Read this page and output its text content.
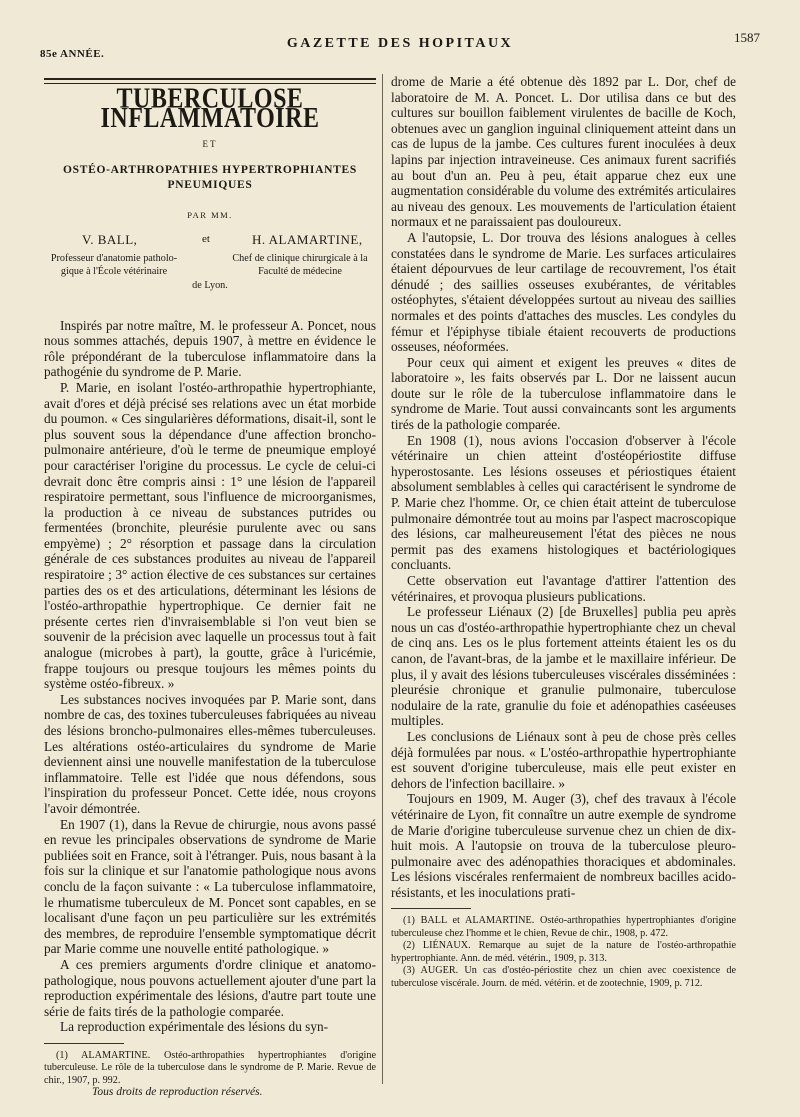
85e ANNÉE.
GAZETTE DES HOPITAUX	1587
TUBERCULOSE INFLAMMATOIRE
ET
OSTÉO-ARTHROPATHIES HYPERTROPHIANTES PNEUMIQUES
PAR MM.
V. BALL,	et	H. ALAMARTINE,
Professeur d'anatomie patholo-gique à l'École vétérinaire
Chef de clinique chirurgicale à la Faculté de médecine
de Lyon.

Inspirés par notre maître, M. le professeur A. Poncet, nous nous sommes attachés, depuis 1907, à mettre en évidence le rôle prépondérant de la tuberculose inflammatoire dans la pathogénie du syndrome de P. Marie.

P. Marie, en isolant l'ostéo-arthropathie hypertrophiante, avait d'ores et déjà précisé ses relations avec un état morbide du poumon. « Ces singularières déformations, disait-il, sont le plus souvent sous la dépendance d'une affection broncho-pulmonaire antérieure, d'où le terme de pneumique employé pour caractériser l'origine du processus. Le cycle de celui-ci devrait donc être compris ainsi : 1° une lésion de l'appareil respiratoire permettant, sous l'influence de microorganismes, la production à ce niveau de substances putrides ou fermentées (bronchite, pleurésie purulente avec ou sans empyème) ; 2° résorption et passage dans la circulation générale de ces substances produites au niveau de l'appareil respiratoire ; 3° action élective de ces substances sur certaines parties des os et des articulations, déterminant les lésions de l'ostéo-arthropathie hypertrophique. Ce dernier fait ne présente certes rien d'invraisemblable si l'on veut bien se souvenir de la précision avec laquelle un processus tout à fait analogue (microbes à part), la goutte, grâce à l'uricémie, frappe toujours ou presque toujours les mêmes points du système ostéo-fibreux. »

Les substances nocives invoquées par P. Marie sont, dans nombre de cas, des toxines tuberculeuses fabriquées au niveau des lésions broncho-pulmonaires elles-mêmes tuberculeuses. Les altérations ostéo-articulaires du syndrome de Marie deviennent ainsi une nouvelle manifestation de la tuberculose inflammatoire. Telle est l'idée que nous défendons, sous l'inspiration du professeur Poncet. Cette idée, nous croyons l'avoir démontrée.

En 1907 (1), dans la Revue de chirurgie, nous avons passé en revue les principales observations de syndrome de Marie publiées soit en France, soit à l'étranger. Puis, nous basant à la fois sur la clinique et sur l'anatomie pathologique nous avons conclu de la façon suivante : « La tuberculose inflammatoire, le rhumatisme tuberculeux de M. Poncet sont capables, en se localisant d'une façon un peu particulière sur les extrémités des membres, de reproduire l'ensemble symptomatique décrit par Marie comme une nouvelle entité pathologique. »

A ces premiers arguments d'ordre clinique et anatomo-pathologique, nous pouvons actuellement ajouter d'une part la reproduction expérimentale des lésions, d'autre part toute une série de faits tirés de la pathologie comparée.

La reproduction expérimentale des lésions du syn-

(1) ALAMARTINE. Ostéo-arthropathies hypertrophiantes d'origine tuberculeuse. Le rôle de la tuberculose dans le syndrome de P. Marie. Revue de chir., 1907, p. 992.

drome de Marie a été obtenue dès 1892 par L. Dor, chef de laboratoire de M. A. Poncet. L. Dor utilisa dans ce but des cultures sur bouillon faiblement virulentes de bacille de Koch, obtenues avec un ganglion inguinal cliniquement atteint dans un cas de lupus de la jambe. Ces cultures furent inoculées à deux lapins par injection intraveineuse. Ces animaux furent sacrifiés au bout d'un an. Peu à peu, était apparue chez eux une augmentation considérable du volume des extrémités articulaires au niveau des genoux. Les mouvements de l'articulation étaient normaux et ne paraissaient pas douloureux.

A l'autopsie, L. Dor trouva des lésions analogues à celles constatées dans le syndrome de Marie. Les surfaces articulaires étaient dépourvues de leur cartilage de recouvrement, l'os était dénudé ; des saillies osseuses exubérantes, de véritables ostéophytes, s'étaient développées surtout au niveau des saillies normales et des points d'attaches des muscles. Les condyles du fémur et l'épiphyse tibiale étaient recouverts de productions osseuses, néoformées.

Pour ceux qui aiment et exigent les preuves « dites de laboratoire », les faits observés par L. Dor ne laissent aucun doute sur le rôle de la tuberculose inflammatoire dans le syndrome de Marie. Tout aussi convaincants sont les arguments tirés de la pathologie comparée.

En 1908 (1), nous avions l'occasion d'observer à l'école vétérinaire un chien atteint d'ostéopériostite diffuse hyperostosante. Les lésions osseuses et périostiques étaient absolument semblables à celles qui caractérisent le syndrome de P. Marie chez l'homme. Or, ce chien était atteint de tuberculose pulmonaire démontrée tout au moins par l'aspect macroscopique des lésions, car malheureusement l'état des pièces ne nous permit pas des examens histologiques et bactériologiques concluants.

Cette observation eut l'avantage d'attirer l'attention des vétérinaires, et provoqua plusieurs publications.

Le professeur Liénaux (2) [de Bruxelles] publia peu après nous un cas d'ostéo-arthropathie hypertrophiante chez un cheval de cinq ans. Les os le plus fortement atteints étaient les os du canon, de l'avant-bras, de la jambe et le maxillaire inférieur. De plus, il y avait des lésions tuberculeuses viscérales disséminées : pleurésie chronique et granulie pulmonaire, tuberculose nodulaire de la rate, granulie du foie et adénopathies caséeuses multiples.

Les conclusions de Liénaux sont à peu de chose près celles déjà formulées par nous. « L'ostéo-arthropathie hypertrophiante est souvent d'origine tuberculeuse, mais elle peut exister en dehors de l'infection bacillaire. »

Toujours en 1909, M. Auger (3), chef des travaux à l'école vétérinaire de Lyon, fit connaître un autre exemple de syndrome de Marie d'origine tuberculeuse survenue chez un chien de dix-huit mois. A l'autopsie on trouva de la tuberculose pleuro-pulmonaire avec des adénopathies thoraciques et abdominales. Les lésions viscérales renfermaient de nombreux bacilles acido-résistants, et les inoculations prati-

(1) BALL et ALAMARTINE. Ostéo-arthropathies hypertrophiantes d'origine tuberculeuse chez l'homme et le chien, Revue de chir., 1908, p. 472.

(2) LIÉNAUX. Remarque au sujet de la nature de l'ostéo-arthropathie hypertrophiante. Ann. de méd. vétérin., 1909, p. 313.

(3) AUGER. Un cas d'ostéo-périostite chez un chien avec coexistence de tuberculose viscérale. Journ. de méd. vétérin. et de zootechnie, 1909, p. 712.

Tous droits de reproduction réservés.
